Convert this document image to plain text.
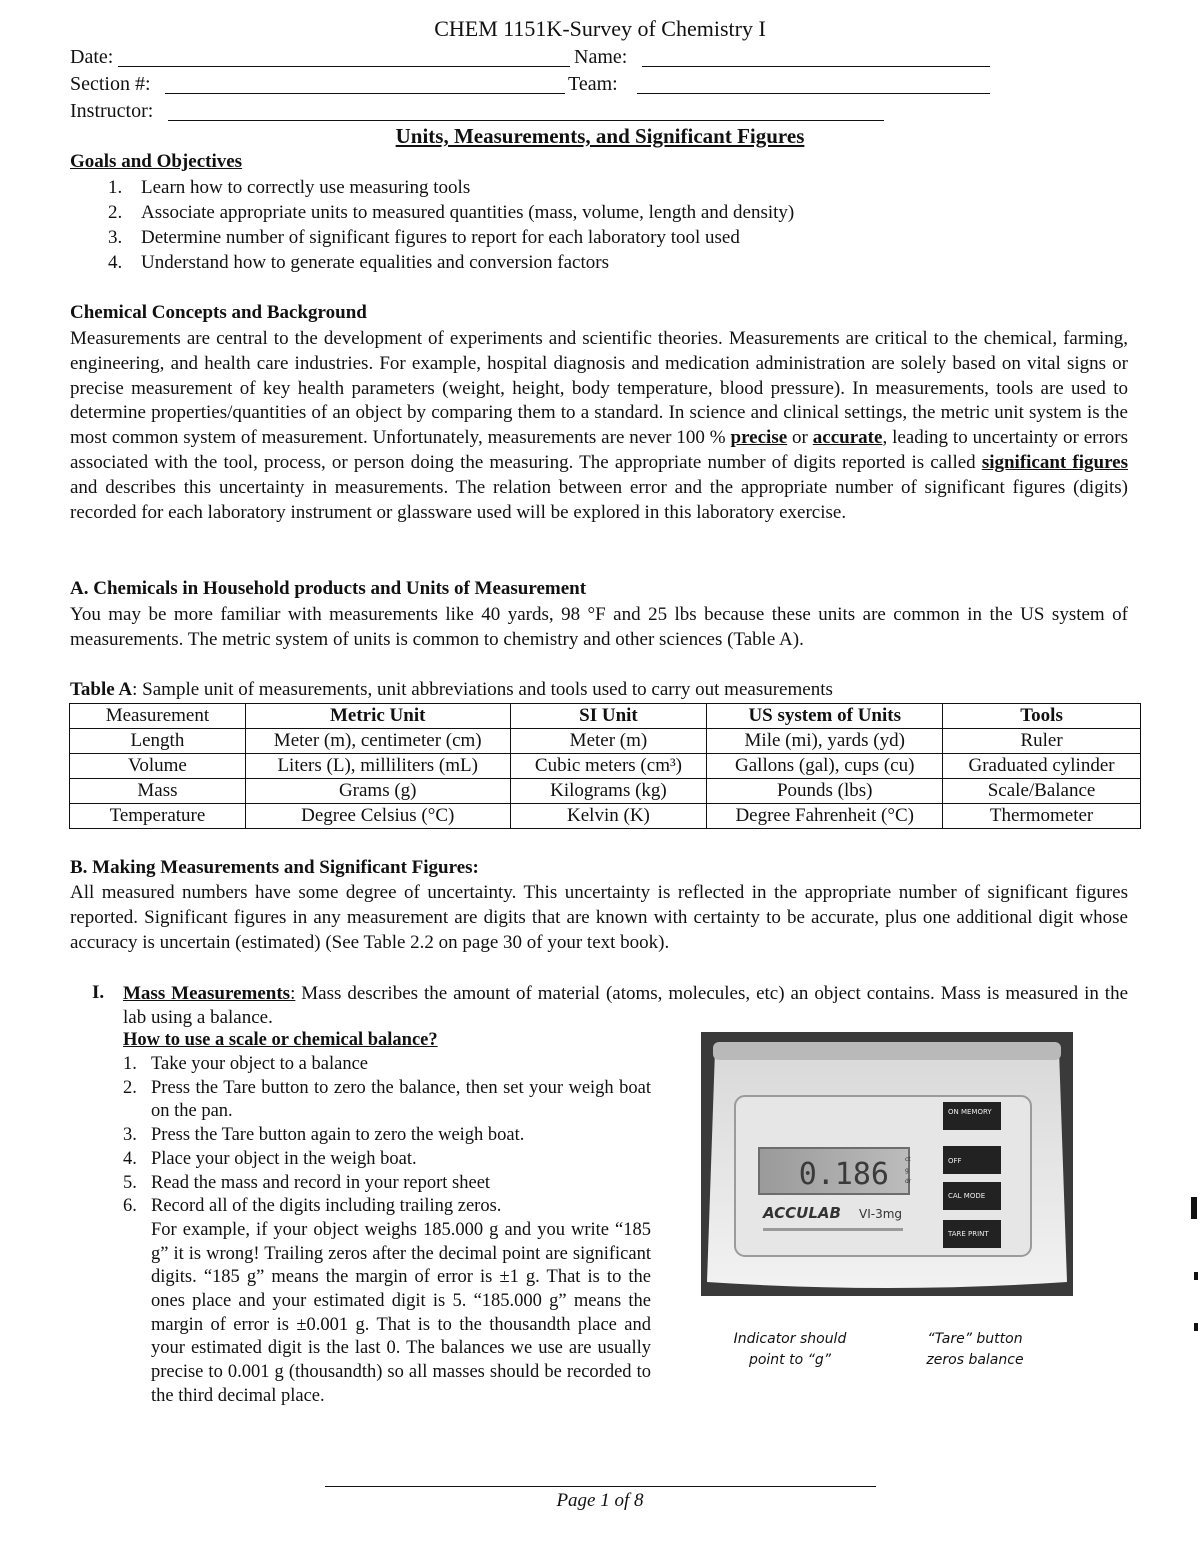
CHEM 1151K-Survey of Chemistry I
Date:	Name:
Section #:	Team:
Instructor:
Units, Measurements, and Significant Figures
Goals and Objectives
1. Learn how to correctly use measuring tools
2. Associate appropriate units to measured quantities (mass, volume, length and density)
3. Determine number of significant figures to report for each laboratory tool used
4. Understand how to generate equalities and conversion factors
Chemical Concepts and Background
Measurements are central to the development of experiments and scientific theories. Measurements are critical to the chemical, farming, engineering, and health care industries. For example, hospital diagnosis and medication administration are solely based on vital signs or precise measurement of key health parameters (weight, height, body temperature, blood pressure). In measurements, tools are used to determine properties/quantities of an object by comparing them to a standard. In science and clinical settings, the metric unit system is the most common system of measurement. Unfortunately, measurements are never 100 % precise or accurate, leading to uncertainty or errors associated with the tool, process, or person doing the measuring. The appropriate number of digits reported is called significant figures and describes this uncertainty in measurements. The relation between error and the appropriate number of significant figures (digits) recorded for each laboratory instrument or glassware used will be explored in this laboratory exercise.
A. Chemicals in Household products and Units of Measurement
You may be more familiar with measurements like 40 yards, 98 °F and 25 lbs because these units are common in the US system of measurements. The metric system of units is common to chemistry and other sciences (Table A).
Table A: Sample unit of measurements, unit abbreviations and tools used to carry out measurements
Measurement	Metric Unit	SI Unit	US system of Units	Tools
Length	Meter (m), centimeter (cm)	Meter (m)	Mile (mi), yards (yd)	Ruler
Volume	Liters (L), milliliters (mL)	Cubic meters (cm³)	Gallons (gal), cups (cu)	Graduated cylinder
Mass	Grams (g)	Kilograms (kg)	Pounds (lbs)	Scale/Balance
Temperature	Degree Celsius (°C)	Kelvin (K)	Degree Fahrenheit (°C)	Thermometer
B. Making Measurements and Significant Figures:
All measured numbers have some degree of uncertainty. This uncertainty is reflected in the appropriate number of significant figures reported. Significant figures in any measurement are digits that are known with certainty to be accurate, plus one additional digit whose accuracy is uncertain (estimated) (See Table 2.2 on page 30 of your text book).
I. Mass Measurements: Mass describes the amount of material (atoms, molecules, etc) an object contains. Mass is measured in the lab using a balance.
How to use a scale or chemical balance?
1. Take your object to a balance
2. Press the Tare button to zero the balance, then set your weigh boat on the pan.
3. Press the Tare button again to zero the weigh boat.
4. Place your object in the weigh boat.
5. Read the mass and record in your report sheet
6. Record all of the digits including trailing zeros.
For example, if your object weighs 185.000 g and you write “185 g” it is wrong! Trailing zeros after the decimal point are significant digits. “185 g” means the margin of error is ±1 g. That is to the ones place and your estimated digit is 5. “185.000 g” means the margin of error is ±0.001 g. That is to the thousandth place and your estimated digit is the last 0. The balances we use are usually precise to 0.001 g (thousandth) so all masses should be recorded to the third decimal place.
0.186	ct
g
dr
ACCULAB VI-3mg
ON MEMORY
OFF
CAL MODE
TARE PRINT
Indicator should
point to “g”
“Tare” button
zeros balance
Page 1 of 8
